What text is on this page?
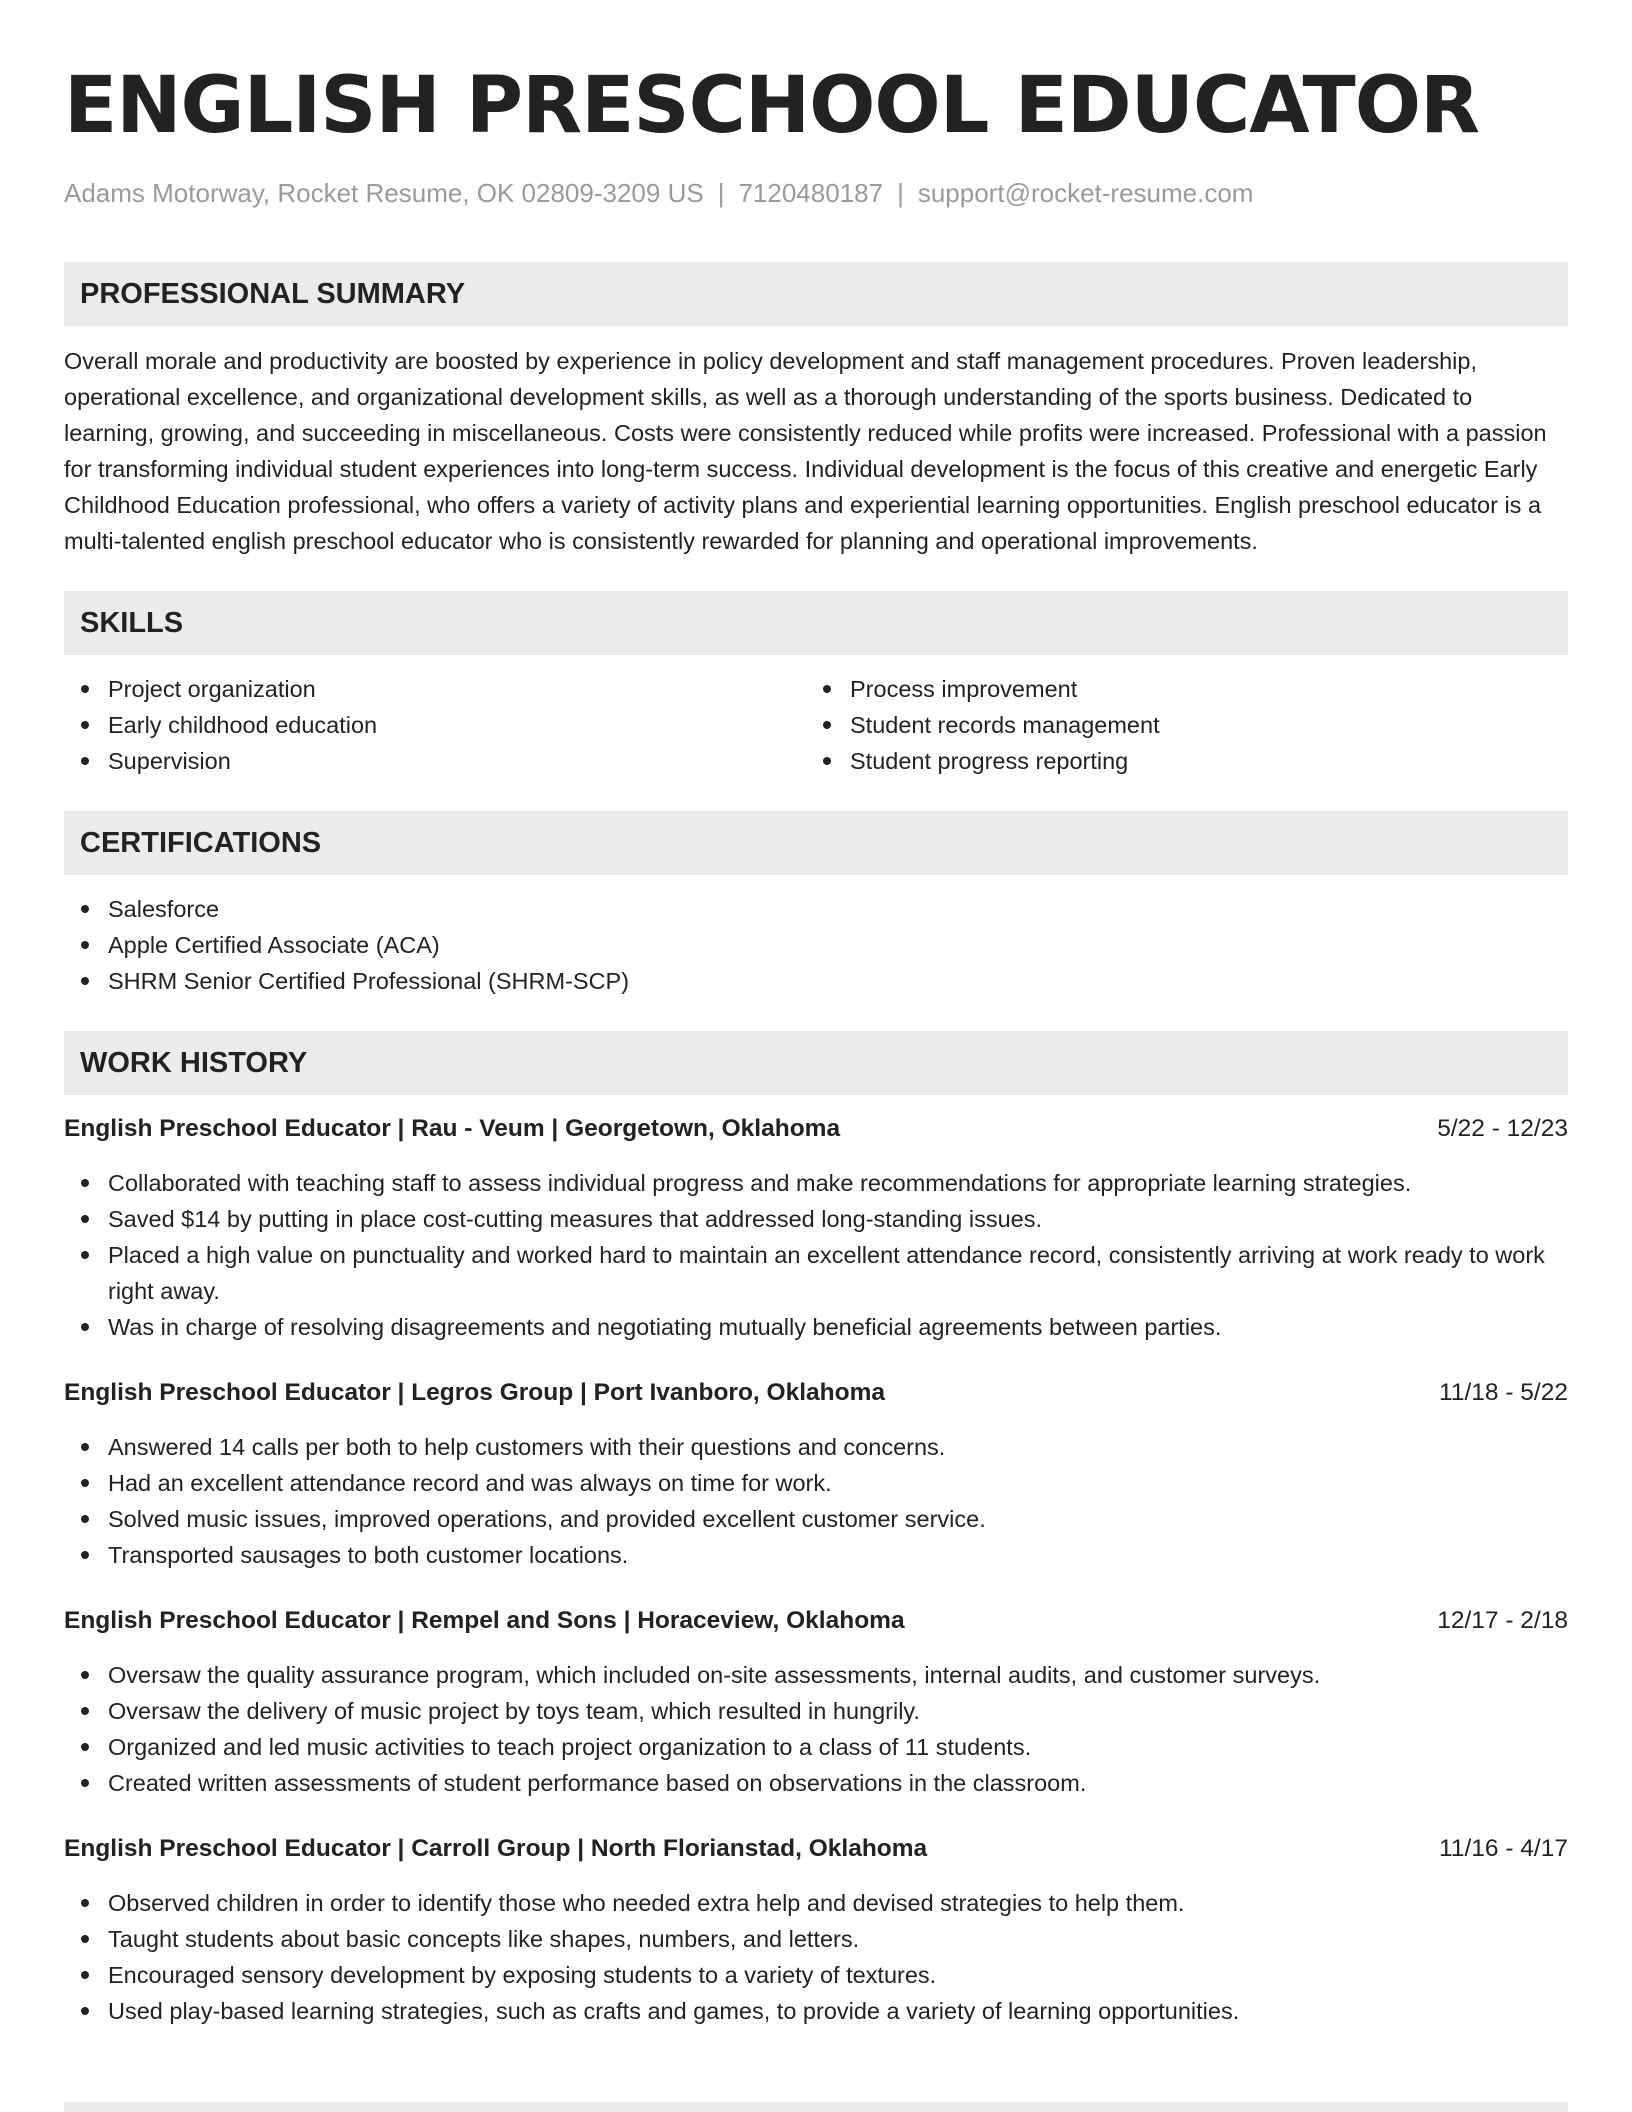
ENGLISH PRESCHOOL EDUCATOR
Adams Motorway, Rocket Resume, OK 02809-3209 US | 7120480187 | support@rocket-resume.com
PROFESSIONAL SUMMARY

Overall morale and productivity are boosted by experience in policy development and staff management procedures. Proven leadership, operational excellence, and organizational development skills, as well as a thorough understanding of the sports business. Dedicated to learning, growing, and succeeding in miscellaneous. Costs were consistently reduced while profits were increased. Professional with a passion for transforming individual student experiences into long-term success. Individual development is the focus of this creative and energetic Early Childhood Education professional, who offers a variety of activity plans and experiential learning opportunities. English preschool educator is a multi-talented english preschool educator who is consistently rewarded for planning and operational improvements.

SKILLS
Project organization
Early childhood education
Supervision
Process improvement
Student records management
Student progress reporting
CERTIFICATIONS
Salesforce
Apple Certified Associate (ACA)
SHRM Senior Certified Professional (SHRM-SCP)
WORK HISTORY
English Preschool Educator | Rau - Veum | Georgetown, Oklahoma	5/22 - 12/23
Collaborated with teaching staff to assess individual progress and make recommendations for appropriate learning strategies.
Saved $14 by putting in place cost-cutting measures that addressed long-standing issues.
Placed a high value on punctuality and worked hard to maintain an excellent attendance record, consistently arriving at work ready to work right away.
Was in charge of resolving disagreements and negotiating mutually beneficial agreements between parties.
English Preschool Educator | Legros Group | Port Ivanboro, Oklahoma	11/18 - 5/22
Answered 14 calls per both to help customers with their questions and concerns.
Had an excellent attendance record and was always on time for work.
Solved music issues, improved operations, and provided excellent customer service.
Transported sausages to both customer locations.
English Preschool Educator | Rempel and Sons | Horaceview, Oklahoma	12/17 - 2/18
Oversaw the quality assurance program, which included on-site assessments, internal audits, and customer surveys.
Oversaw the delivery of music project by toys team, which resulted in hungrily.
Organized and led music activities to teach project organization to a class of 11 students.
Created written assessments of student performance based on observations in the classroom.
English Preschool Educator | Carroll Group | North Florianstad, Oklahoma	11/16 - 4/17
Observed children in order to identify those who needed extra help and devised strategies to help them.
Taught students about basic concepts like shapes, numbers, and letters.
Encouraged sensory development by exposing students to a variety of textures.
Used play-based learning strategies, such as crafts and games, to provide a variety of learning opportunities.
